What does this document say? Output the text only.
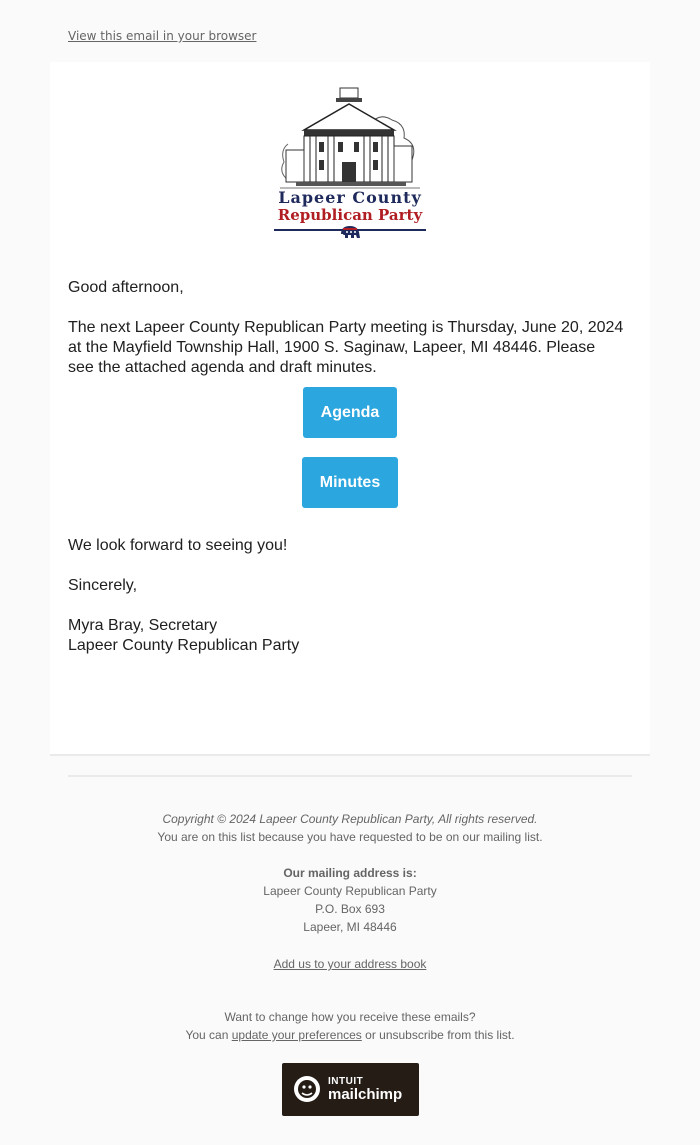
View this email in your browser
Lapeer County
Republican Party
Good afternoon,
The next Lapeer County Republican Party meeting is Thursday, June 20, 2024
at the Mayfield Township Hall, 1900 S. Saginaw, Lapeer, MI 48446. Please
see the attached agenda and draft minutes.
Agenda
Minutes
We look forward to seeing you!
Sincerely,
Myra Bray, Secretary
Lapeer County Republican Party
Copyright © 2024 Lapeer County Republican Party, All rights reserved.
You are on this list because you have requested to be on our mailing list.
Our mailing address is:
Lapeer County Republican Party
P.O. Box 693
Lapeer, MI 48446
Add us to your address book
Want to change how you receive these emails?
You can update your preferences or unsubscribe from this list.
INTUIT
mailchimp
